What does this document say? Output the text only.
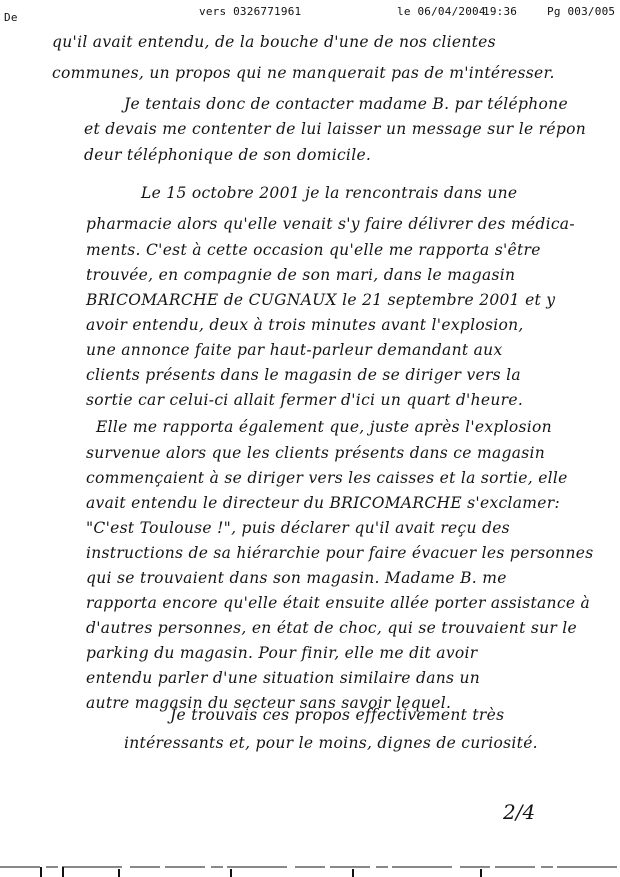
De	vers 0326771961	le 06/04/2004
19:36	Pg 003/005
qu'il avait entendu, de la bouche d'une de nos clientes
communes, un propos qui ne manquerait pas de m'intéresser.
Je tentais donc de contacter madame B. par téléphone
et devais me contenter de lui laisser un message sur le répon
deur téléphonique de son domicile.
Le 15 octobre 2001 je la rencontrais dans une
pharmacie alors qu'elle venait s'y faire délivrer des médica-
ments. C'est à cette occasion qu'elle me rapporta s'être
trouvée, en compagnie de son mari, dans le magasin
BRICOMARCHE de CUGNAUX le 21 septembre 2001 et y
avoir entendu, deux à trois minutes avant l'explosion,
une annonce faite par haut-parleur demandant aux
clients présents dans le magasin de se diriger vers la
sortie car celui-ci allait fermer d'ici un quart d'heure.
Elle me rapporta également que, juste après l'explosion
survenue alors que les clients présents dans ce magasin
commençaient à se diriger vers les caisses et la sortie, elle
avait entendu le directeur du BRICOMARCHE s'exclamer:
"C'est Toulouse !", puis déclarer qu'il avait reçu des
instructions de sa hiérarchie pour faire évacuer les personnes
qui se trouvaient dans son magasin. Madame B. me
rapporta encore qu'elle était ensuite allée porter assistance à
d'autres personnes, en état de choc, qui se trouvaient sur le
parking du magasin. Pour finir, elle me dit avoir
entendu parler d'une situation similaire dans un
autre magasin du secteur sans savoir lequel.
Je trouvais ces propos effectivement très
intéressants et, pour le moins, dignes de curiosité.
2/4
